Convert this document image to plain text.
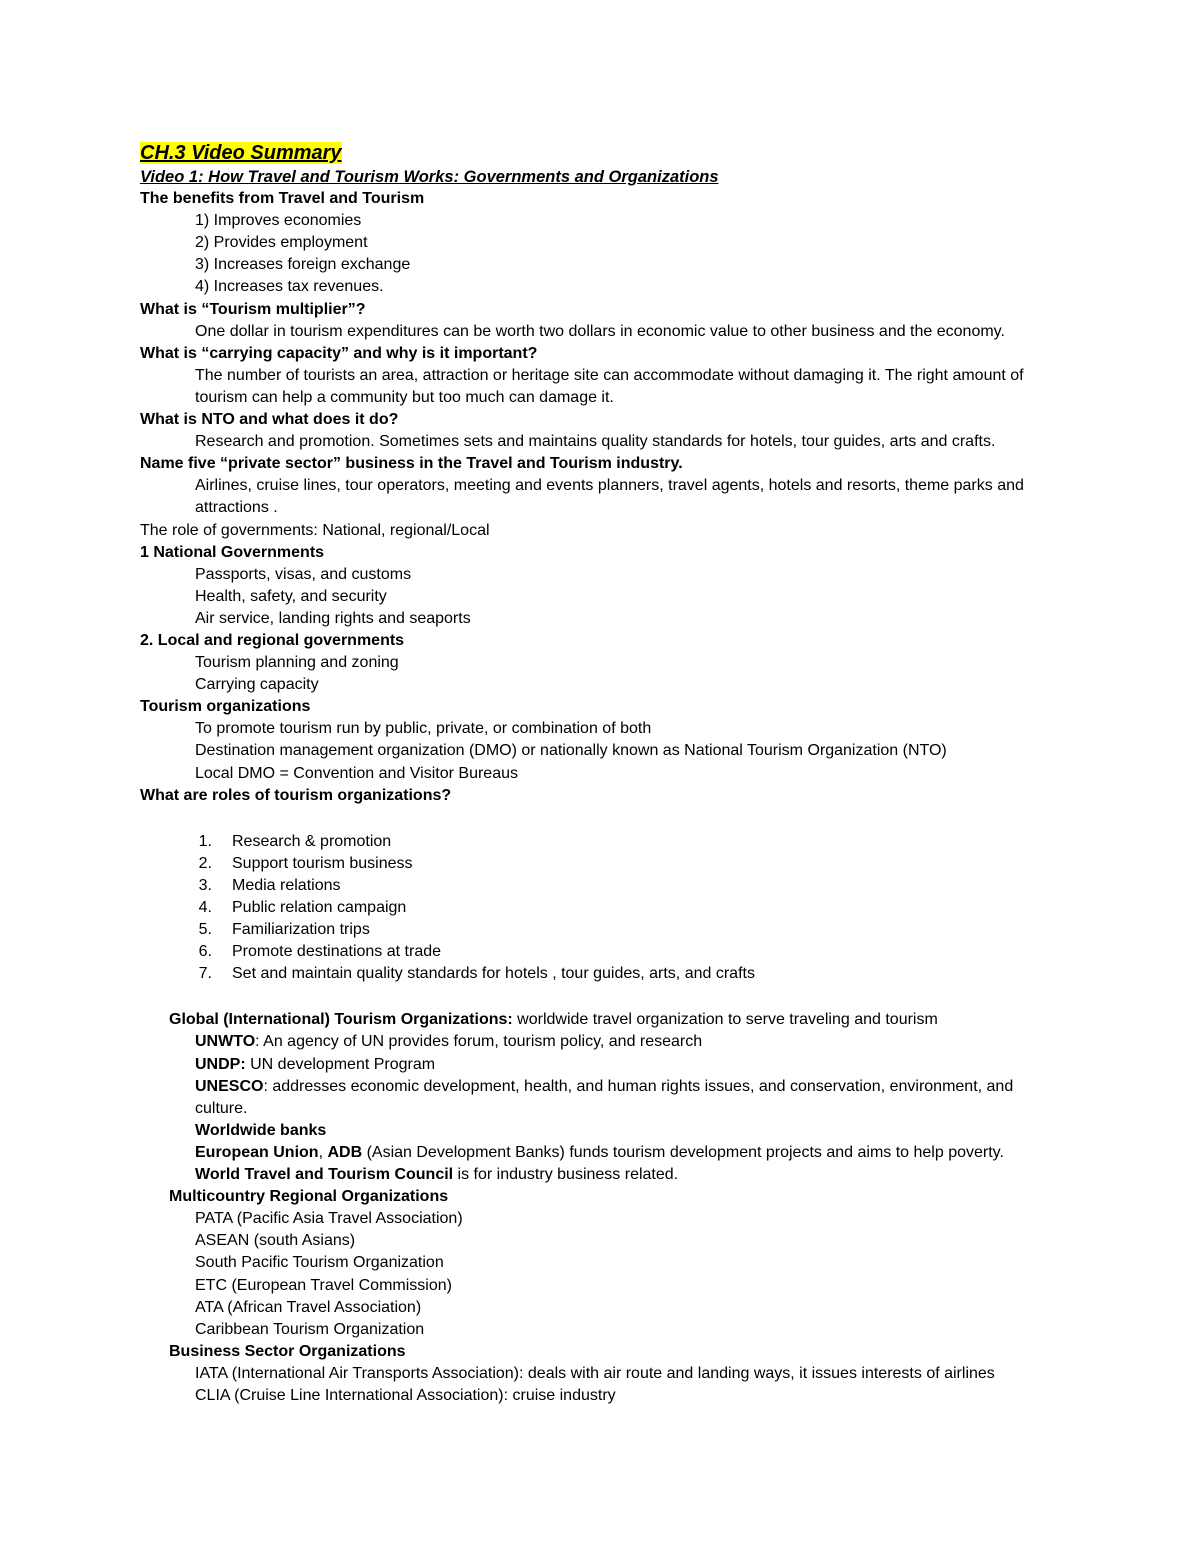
CH.3 Video Summary

Video 1: How Travel and Tourism Works: Governments and Organizations

The benefits from Travel and Tourism

1) Improves economies

2) Provides employment

3) Increases foreign exchange

4) Increases tax revenues.

What is “Tourism multiplier”?

One dollar in tourism expenditures can be worth two dollars in economic value to other business and the economy.

What is “carrying capacity” and why is it important?

The number of tourists an area, attraction or heritage site can accommodate without damaging it. The right amount of tourism can help a community but too much can damage it.

What is NTO and what does it do?

Research and promotion. Sometimes sets and maintains quality standards for hotels, tour guides, arts and crafts.

Name five “private sector” business in the Travel and Tourism industry.

Airlines, cruise lines, tour operators, meeting and events planners, travel agents, hotels and resorts, theme parks and attractions .

The role of governments: National, regional/Local

1 National Governments

Passports, visas, and customs

Health, safety, and security

Air service, landing rights and seaports

2. Local and regional governments

Tourism planning and zoning

Carrying capacity

Tourism organizations

To promote tourism run by public, private, or combination of both

Destination management organization (DMO) or nationally known as National Tourism Organization (NTO)

Local DMO = Convention and Visitor Bureaus

What are roles of tourism organizations?

1.	Research & promotion
2.	Support tourism business
3.	Media relations
4.	Public relation campaign
5.	Familiarization trips
6.	Promote destinations at trade
7.	Set and maintain quality standards for hotels , tour guides, arts, and crafts

Global (International) Tourism Organizations: worldwide travel organization to serve traveling and tourism

UNWTO: An agency of UN provides forum, tourism policy, and research

UNDP: UN development Program

UNESCO: addresses economic development, health, and human rights issues, and conservation, environment, and culture.

Worldwide banks

European Union, ADB (Asian Development Banks) funds tourism development projects and aims to help poverty.

World Travel and Tourism Council is for industry business related.

Multicountry Regional Organizations

PATA (Pacific Asia Travel Association)

ASEAN (south Asians)

South Pacific Tourism Organization

ETC (European Travel Commission)

ATA (African Travel Association)

Caribbean Tourism Organization

Business Sector Organizations

IATA (International Air Transports Association): deals with air route and landing ways, it issues interests of airlines

CLIA (Cruise Line International Association): cruise industry
